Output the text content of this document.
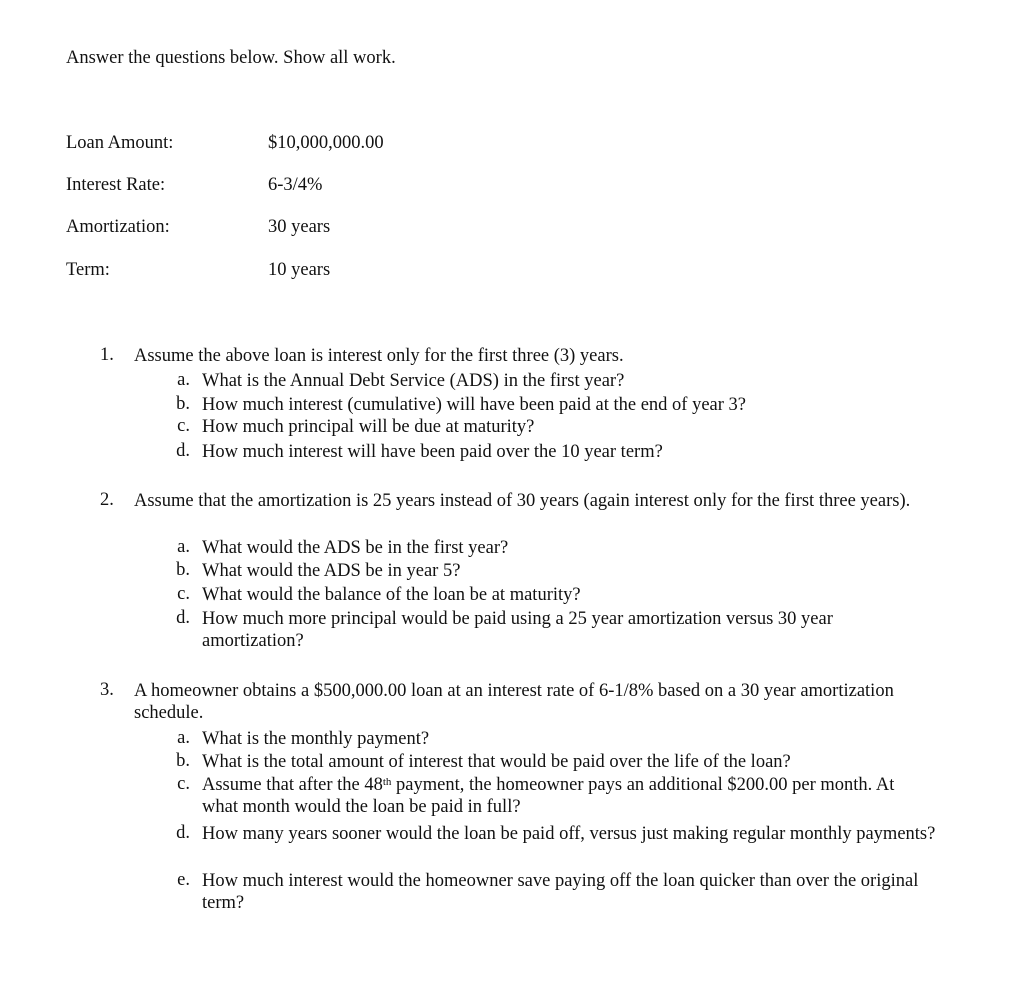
Answer the questions below. Show all work.
Loan Amount:	$10,000,000.00
Interest Rate:	6-3/4%
Amortization:	30 years
Term:	10 years
1. Assume the above loan is interest only for the first three (3) years.
a. What is the Annual Debt Service (ADS) in the first year?
b. How much interest (cumulative) will have been paid at the end of year 3?
c. How much principal will be due at maturity?
d. How much interest will have been paid over the 10 year term?
2. Assume that the amortization is 25 years instead of 30 years (again interest only for the first three years).
a. What would the ADS be in the first year?
b. What would the ADS be in year 5?
c. What would the balance of the loan be at maturity?
d. How much more principal would be paid using a 25 year amortization versus 30 year amortization?
3. A homeowner obtains a $500,000.00 loan at an interest rate of 6-1/8% based on a 30 year amortization schedule.
a. What is the monthly payment?
b. What is the total amount of interest that would be paid over the life of the loan?
c. Assume that after the 48th payment, the homeowner pays an additional $200.00 per month. At what month would the loan be paid in full?
d. How many years sooner would the loan be paid off, versus just making regular monthly payments?
e. How much interest would the homeowner save paying off the loan quicker than over the original term?
